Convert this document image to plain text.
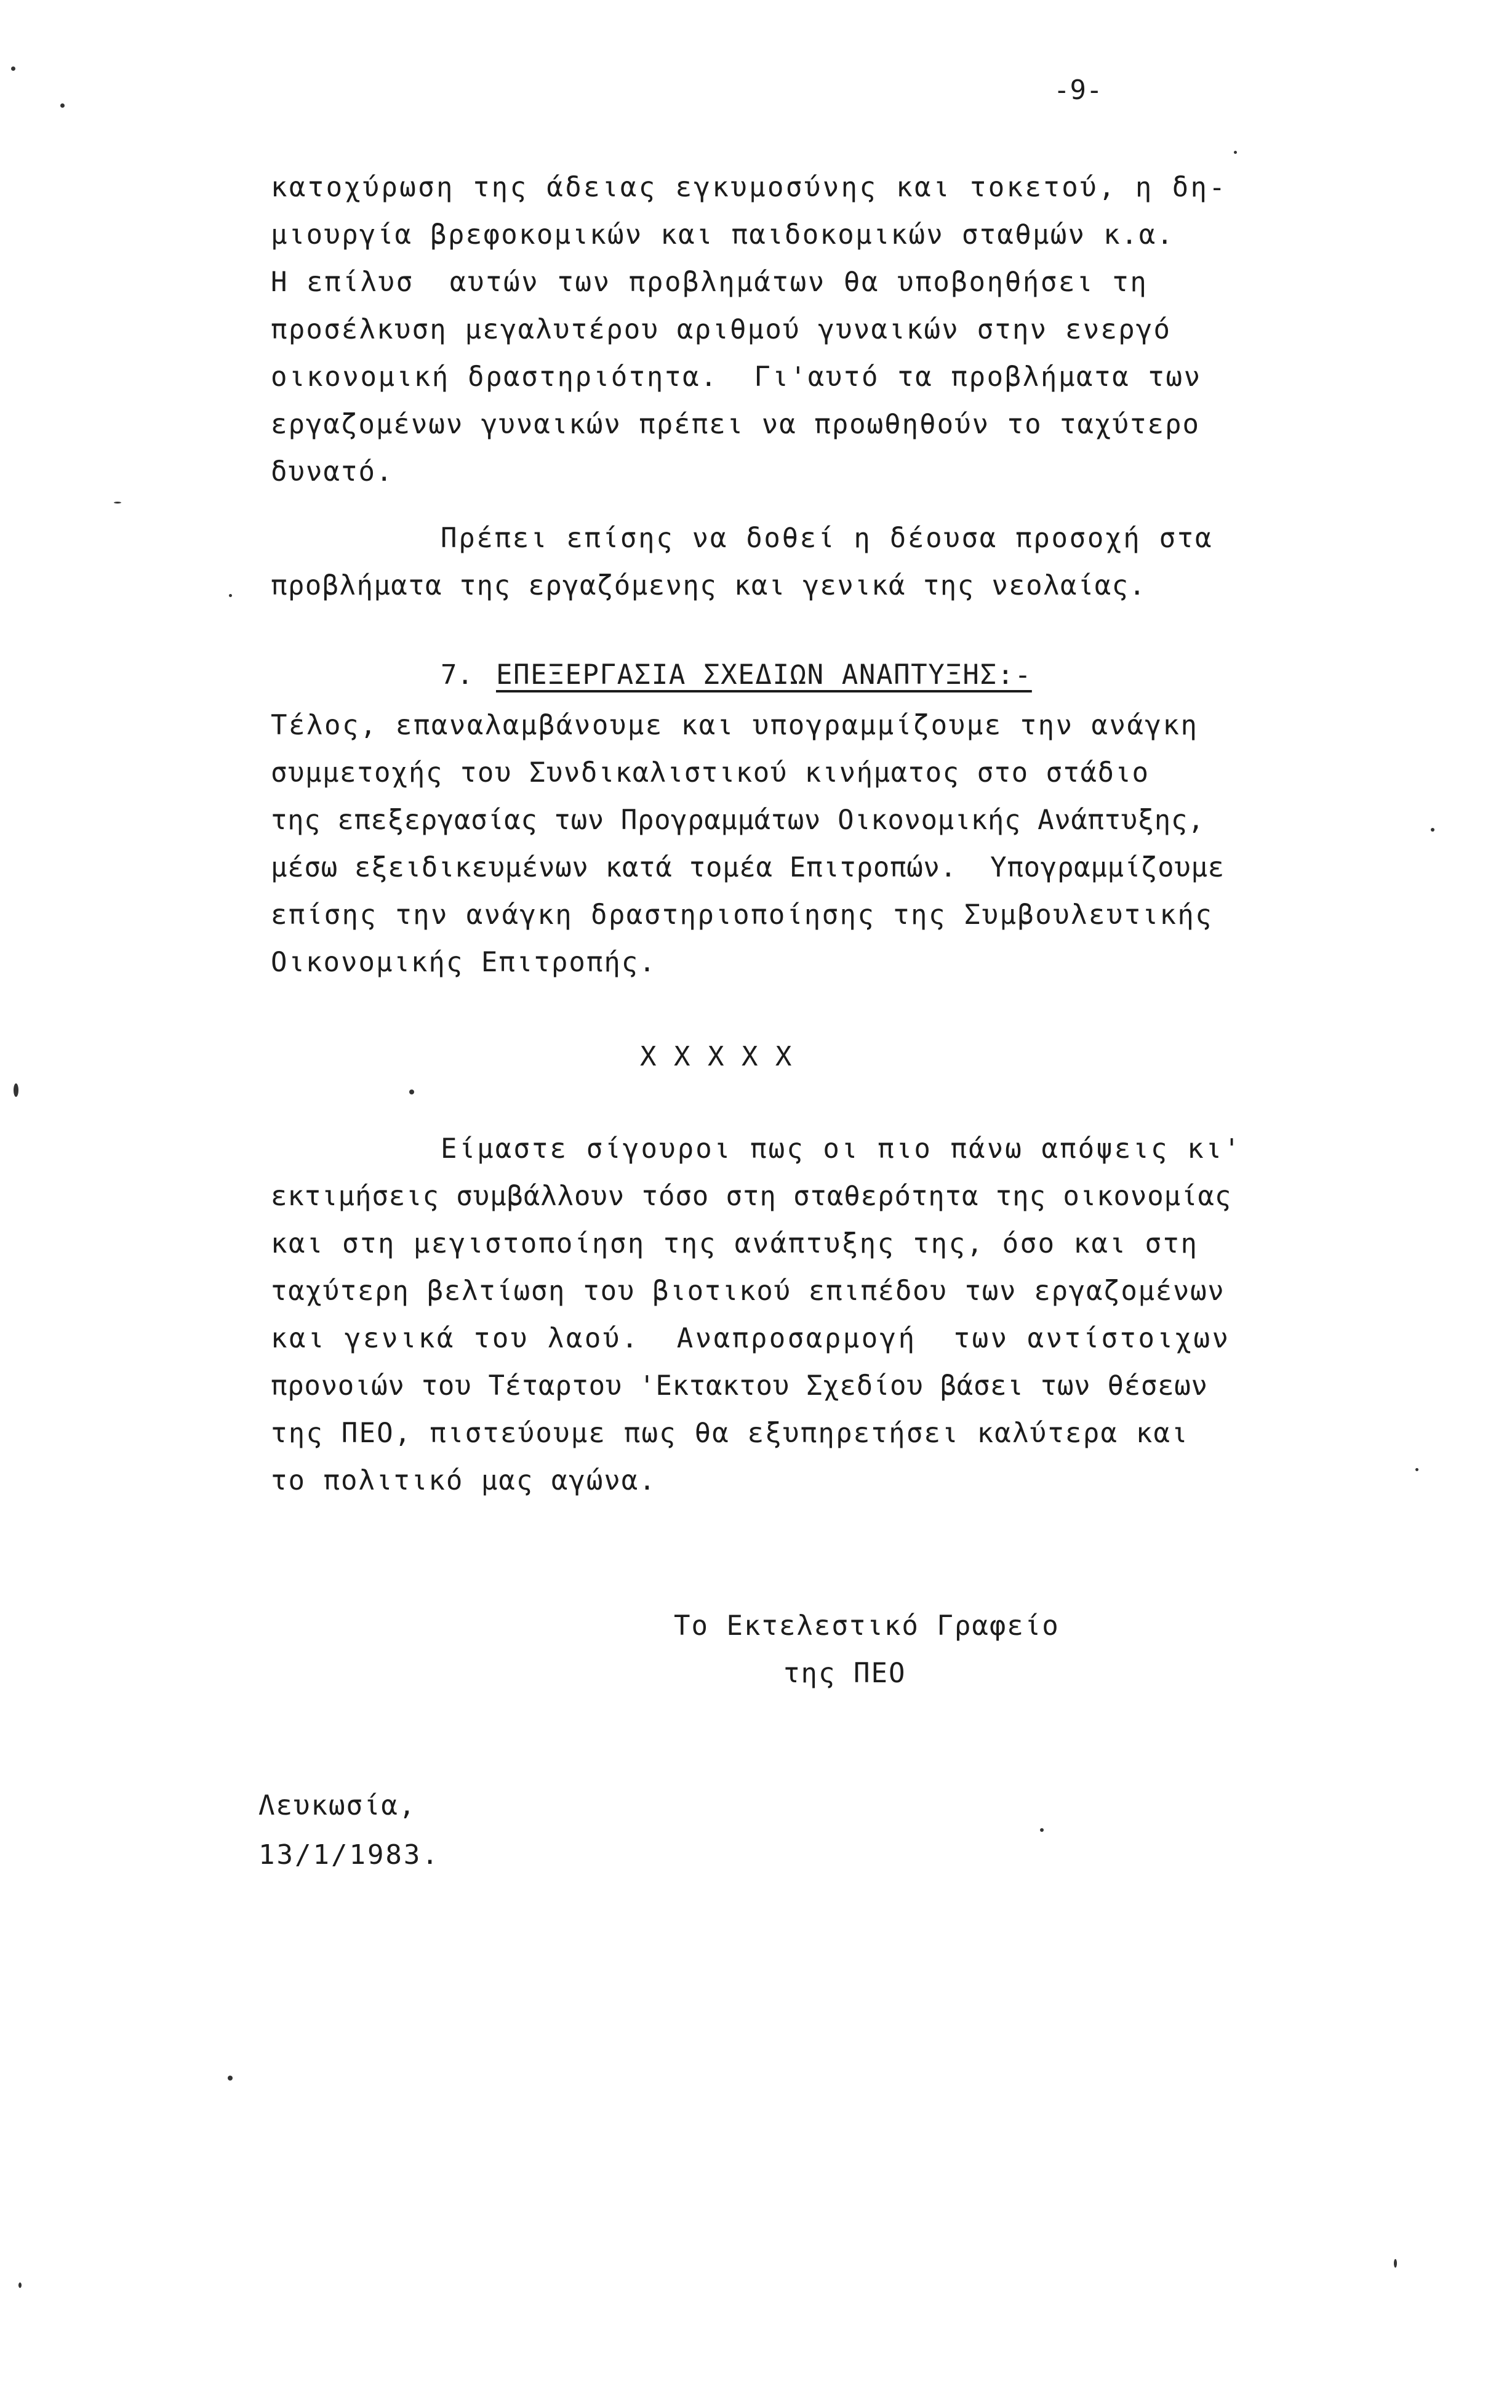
-9-
κατοχύρωση της άδειας εγκυμοσύνης και τοκετού, η δη-
μιουργία βρεφοκομικών και παιδοκομικών σταθμών κ.α.
Η επίλυσ  αυτών των προβλημάτων θα υποβοηθήσει τη
προσέλκυση μεγαλυτέρου αριθμού γυναικών στην ενεργό
οικονομική δραστηριότητα.  Γι'αυτό τα προβλήματα των
εργαζομένων γυναικών πρέπει να προωθηθούν το ταχύτερο
δυνατό.
Πρέπει επίσης να δοθεί η δέουσα προσοχή στα
προβλήματα της εργαζόμενης και γενικά της νεολαίας.
7. ΕΠΕΞΕΡΓΑΣΙΑ ΣΧΕΔΙΩΝ ΑΝΑΠΤΥΞΗΣ:-
Τέλος, επαναλαμβάνουμε και υπογραμμίζουμε την ανάγκη
συμμετοχής του Συνδικαλιστικού κινήματος στο στάδιο
της επεξεργασίας των Προγραμμάτων Οικονομικής Ανάπτυξης,
μέσω εξειδικευμένων κατά τομέα Επιτροπών.  Υπογραμμίζουμε
επίσης την ανάγκη δραστηριοποίησης της Συμβουλευτικής
Οικονομικής Επιτροπής.
X X X X X
Είμαστε σίγουροι πως οι πιο πάνω απόψεις κι'
εκτιμήσεις συμβάλλουν τόσο στη σταθερότητα της οικονομίας
και στη μεγιστοποίηση της ανάπτυξης της, όσο και στη
ταχύτερη βελτίωση του βιοτικού επιπέδου των εργαζομένων
και γενικά του λαού.  Αναπροσαρμογή  των αντίστοιχων
προνοιών του Τέταρτου 'Εκτακτου Σχεδίου βάσει των θέσεων
της ΠΕΟ, πιστεύουμε πως θα εξυπηρετήσει καλύτερα και
το πολιτικό μας αγώνα.
Το Εκτελεστικό Γραφείο
της ΠΕΟ
Λευκωσία,
13/1/1983.
